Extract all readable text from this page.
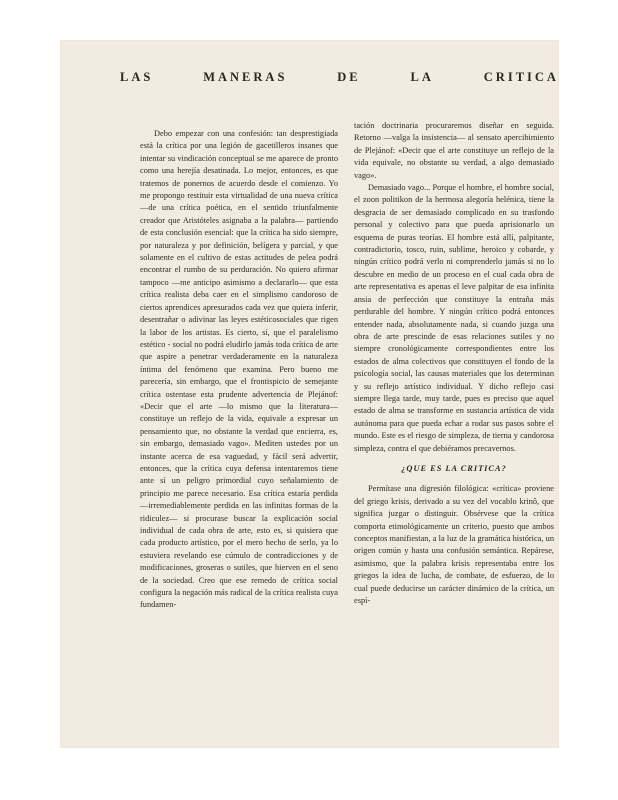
LAS	MANERAS	DE	LA	CRITICA

Debo empezar con una confesión: tan desprestigiada está la crítica por una legión de gacetilleros insanes que intentar su vindicación conceptual se me aparece de pronto como una herejía desatinada. Lo mejor, entonces, es que tratemos de ponernos de acuerdo desde el comienzo. Yo me propongo restituir esta virtualidad de una nueva crítica —de una crítica poética, en el sentido triunfalmente creador que Aristóteles asignaba a la palabra— partiendo de esta conclusión esencial: que la crítica ha sido siempre, por naturaleza y por definición, belígera y parcial, y que solamente en el cultivo de estas actitudes de pelea podrá encontrar el rumbo de su perduración. No quiero afirmar tampoco —me anticipo asimismo a declararlo— que esta crítica realista deba caer en el simplismo candoroso de ciertos aprendices apresurados cada vez que quiera inferir, desentrañar o adivinar las leyes estéticosociales que rigen la labor de los artistas. Es cierto, sí, que el paralelismo estético - social no podrá eludirlo jamás toda crítica de arte que aspire a penetrar verdaderamente en la naturaleza íntima del fenómeno que examina. Pero bueno me parecería, sin embargo, que el frontispicio de semejante crítica ostentase esta prudente advertencia de Plejánof: «Decir que el arte —lo mismo que la literatura— constituye un reflejo de la vida, equivale a expresar un pensamiento que, no obstante la verdad que encierra, es, sin embargo, demasiado vago». Mediten ustedes por un instante acerca de esa vaguedad, y fácil será advertir, entonces, que la crítica cuya defensa intentaremos tiene ante sí un peligro primordial cuyo señalamiento de principio me parece necesario. Esa crítica estaría perdida —irremediablemente perdida en las infinitas formas de la ridiculez— si procurase buscar la explicación social individual de cada obra de arte, esto es, si quisiera que cada producto artístico, por el mero hecho de serlo, ya lo estuviera revelando ese cúmulo de contradicciones y de modificaciones, groseras o sutiles, que hierven en el seno de la sociedad. Creo que ese remedo de crítica social configura la negación más radical de la crítica realista cuya fundamen-

tación doctrinaria procuraremos diseñar en seguida. Retorno —valga la insistencia— al sensato apercibimiento de Plejánof: «Decir que el arte constituye un reflejo de la vida equivale, no obstante su verdad, a algo demasiado vago».

Demasiado vago... Porque el hombre, el hombre social, el zoon politikon de la hermosa alegoría helénica, tiene la desgracia de ser demasiado complicado en su trasfondo personal y colectivo para que pueda aprisionarlo un esquema de puras teorías. El hombre está allí, palpitante, contradictorio, tosco, ruin, sublime, heroico y cobarde, y ningún crítico podrá verlo ni comprenderlo jamás si no lo descubre en medio de un proceso en el cual cada obra de arte representativa es apenas el leve palpitar de esa infinita ansia de perfección que constituye la entraña más perdurable del hombre. Y ningún crítico podrá entonces entender nada, absolutamente nada, si cuando juzga una obra de arte prescinde de esas relaciones sutiles y no siempre cronológicamente correspondientes entre los estados de alma colectivos que constituyen el fondo de la psicología social, las causas materiales que los determinan y su reflejo artístico individual. Y dicho reflejo casi siempre llega tarde, muy tarde, pues es preciso que aquel estado de alma se transforme en sustancia artística de vida autónoma para que pueda echar a rodar sus pasos sobre el mundo. Este es el riesgo de simpleza, de tierna y candorosa simpleza, contra el que debiéramos precavernos.

¿QUE ES LA CRITICA?

Permítase una digresión filológica: «crítica» proviene del griego krisis, derivado a su vez del vocablo krinô, que significa juzgar o distinguir. Obsérvese que la crítica comporta etimológicamente un criterio, puesto que ambos conceptos manifiestan, a la luz de la gramática histórica, un origen común y hasta una confusión semántica. Repárese, asimismo, que la palabra krisis representaba entre los griegos la idea de lucha, de combate, de esfuerzo, de lo cual puede deducirse un carácter dinámico de la crítica, un espí-
